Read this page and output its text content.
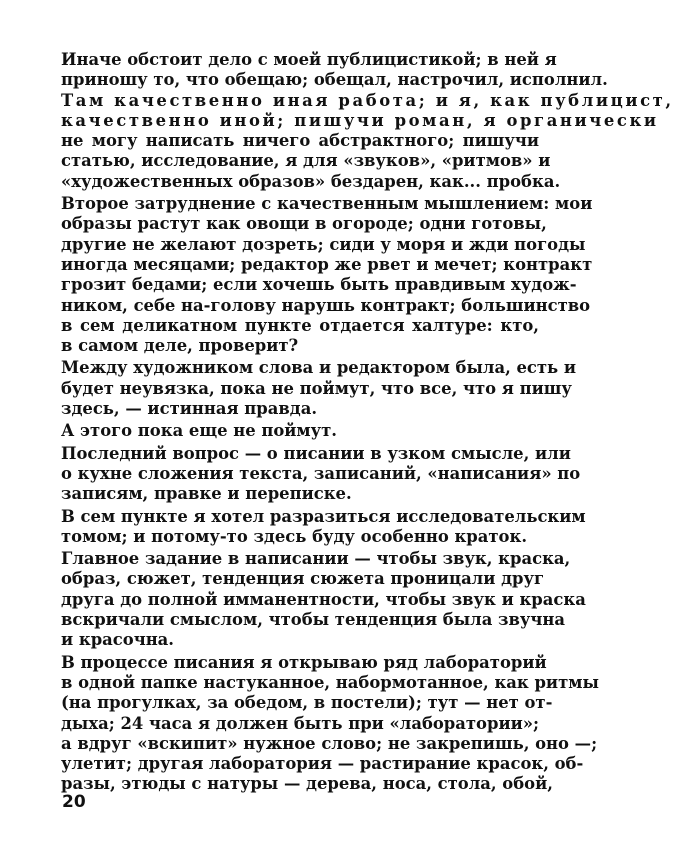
Иначе обстоит дело с моей публицистикой; в ней я
приношу то, что обещаю; обещал, настрочил, исполнил.
Там качественно иная работа; и я, как публицист,
качественно иной; пишучи роман, я органически
не могу написать ничего абстрактного; пишучи
статью, исследование, я для «звуков», «ритмов» и
«художественных образов» бездарен, как... пробка.
Второе затруднение с качественным мышлением: мои
образы растут как овощи в огороде; одни готовы,
другие не желают дозреть; сиди у моря и жди погоды
иногда месяцами; редактор же рвет и мечет; контракт
грозит бедами; если хочешь быть правдивым худож-
ником, себе на-голову нарушь контракт; большинство
в сем деликатном пункте отдается халтуре: кто,
в самом деле, проверит?
Между художником слова и редактором была, есть и
будет неувязка, пока не поймут, что все, что я пишу
здесь, — истинная правда.
А этого пока еще не поймут.
Последний вопрос — о писании в узком смысле, или
о кухне сложения текста, записаний, «написания» по
записям, правке и переписке.
В сем пункте я хотел разразиться исследовательским
томом; и потому-то здесь буду особенно краток.
Главное задание в написании — чтобы звук, краска,
образ, сюжет, тенденция сюжета проницали друг
друга до полной имманентности, чтобы звук и краска
вскричали смыслом, чтобы тенденция была звучна
и красочна.
В процессе писания я открываю ряд лабораторий
в одной папке настуканное, набормотанное, как ритмы
(на прогулках, за обедом, в постели); тут — нет от-
дыха; 24 часа я должен быть при «лаборатории»;
а вдруг «вскипит» нужное слово; не закрепишь, оно —;
улетит; другая лаборатория — растирание красок, об-
разы, этюды с натуры — дерева, носа, стола, обой,
20
